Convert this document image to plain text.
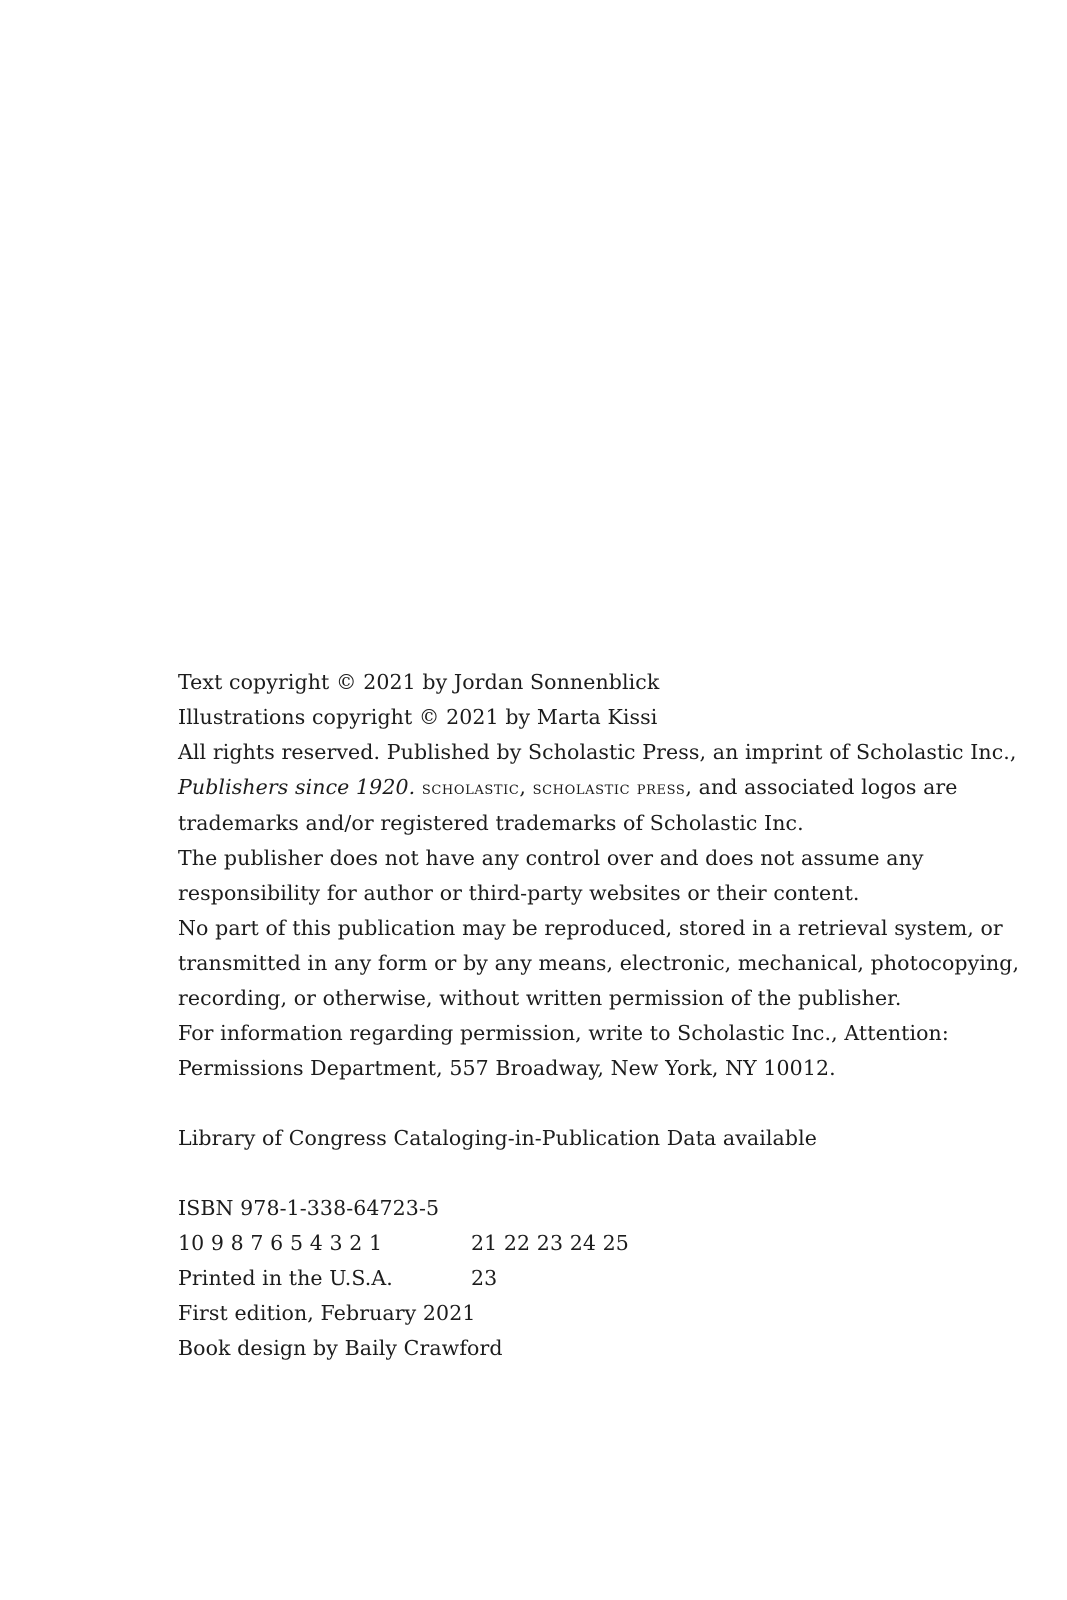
Text copyright © 2021 by Jordan Sonnenblick
Illustrations copyright © 2021 by Marta Kissi
All rights reserved. Published by Scholastic Press, an imprint of Scholastic Inc.,
Publishers since 1920. scholastic, scholastic press, and associated logos are
trademarks and/or registered trademarks of Scholastic Inc.
The publisher does not have any control over and does not assume any
responsibility for author or third-party websites or their content.
No part of this publication may be reproduced, stored in a retrieval system, or
transmitted in any form or by any means, electronic, mechanical, photocopying,
recording, or otherwise, without written permission of the publisher.
For information regarding permission, write to Scholastic Inc., Attention:
Permissions Department, 557 Broadway, New York, NY 10012.
Library of Congress Cataloging-in-Publication Data available
ISBN 978-1-338-64723-5
10 9 8 7 6 5 4 3 2 1	21 22 23 24 25
Printed in the U.S.A.	23
First edition, February 2021
Book design by Baily Crawford
